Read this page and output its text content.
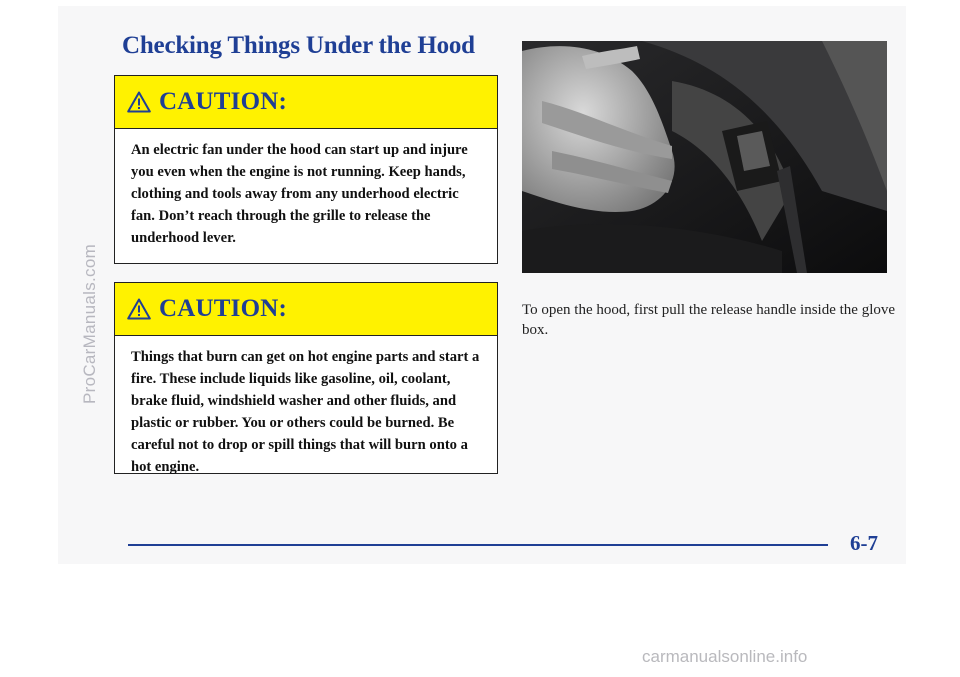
ProCarManuals.com
Checking Things Under the Hood
CAUTION:
An electric fan under the hood can start up and injure you even when the engine is not running. Keep hands, clothing and tools away from any underhood electric fan. Don’t reach through the grille to release the underhood lever.
CAUTION:
Things that burn can get on hot engine parts and start a fire. These include liquids like gasoline, oil, coolant, brake fluid, windshield washer and other fluids, and plastic or rubber. You or others could be burned. Be careful not to drop or spill things that will burn onto a hot engine.

To open the hood, first pull the release handle inside the glove box.

6-7
carmanualsonline.info
